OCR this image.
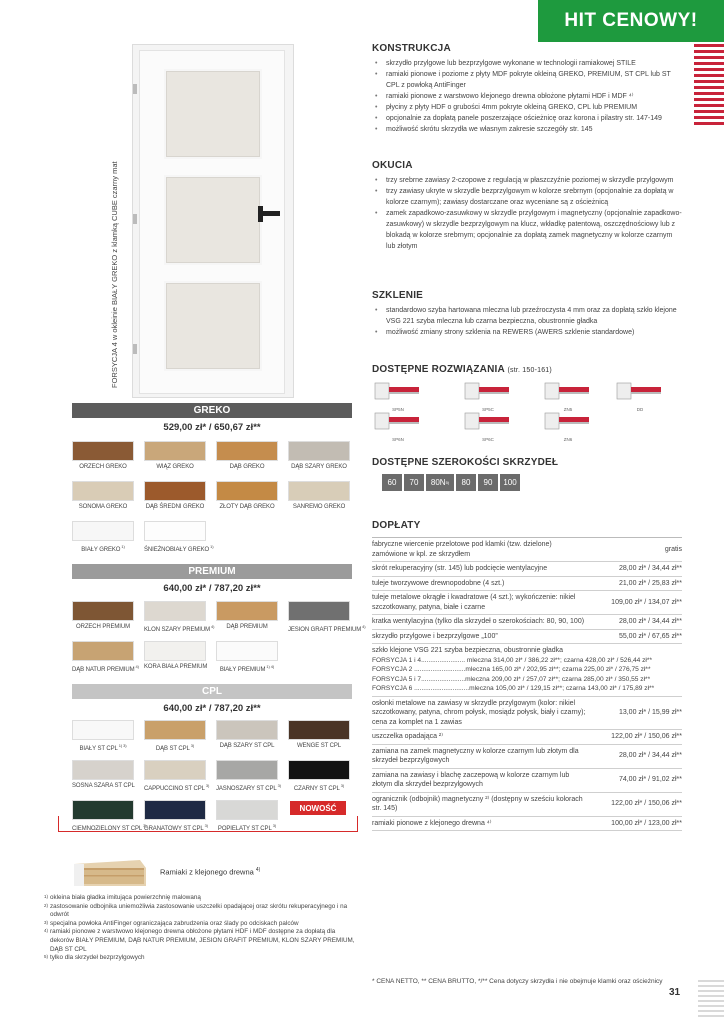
HIT CENOWY!
FORSYCJA 4 w okleinie BIAŁY GREKO z klamką CUBE czarny mat
GREKO
529,00 zł* / 650,67 zł**
ORZECH GREKO	WIĄZ GREKO	DĄB GREKO	DĄB SZARY GREKO
SONOMA GREKO	DĄB ŚREDNI GREKO	ZŁOTY DĄB GREKO	SANREMO GREKO
BIAŁY GREKO $^{1)}$
ŚNIEŻNOBIAŁY GREKO $^{1)}$
PREMIUM
640,00 zł* / 787,20 zł**
ORZECH PREMIUM	KLON SZARY PREMIUM $^{4)}$	DĄB PREMIUM	JESION GRAFIT PREMIUM $^{4)}$
DĄB NATUR PREMIUM $^{4)}$ KORA BIAŁA PREMIUM	BIAŁY PREMIUM $^{1) 4)}$
CPL
640,00 zł* / 787,20 zł**
BIAŁY ST CPL $^{1) 3)}$
DĄB ST CPL $^{3)}$	DĄB SZARY ST CPL	WENGE ST CPL
SOSNA SZARA ST CPL CAPPUCCINO ST CPL $^{3)}$
JASNOSZARY ST CPL $^{3)}$
CZARNY ST CPL $^{3)}$
CIEMNOZIELONY ST CPL $^{3)}$
GRANATOWY ST CPL $^{3)}$
POPIELATY ST CPL $^{3)}$
NOWOŚĆ
Ramiaki z klejonego drewna $^{4)}$
1) okleina biała gładka imitująca powierzchnię malowaną
2) zastosowanie odbojnika uniemożliwia zastosowanie uszczelki opadającej oraz skrótu rekuperacyjnego i na odwrót
3) specjalna powłoka AntiFinger ograniczająca zabrudzenia oraz ślady po odciskach palców
4) ramiaki pionowe z warstwowo klejonego drewna obłożone płytami HDF i MDF dostępne za dopłatą dla dekorów BIAŁY PREMIUM, DĄB NATUR PREMIUM, JESION GRAFIT PREMIUM, KLON SZARY PREMIUM, DĄB ST CPL
5) tylko dla skrzydeł bezprzylgowych
KONSTRUKCJA
• skrzydło przylgowe lub bezprzylgowe wykonane w technologii ramiakowej STILE
• ramiaki pionowe i poziome z płyty MDF pokryte okleiną GREKO, PREMIUM, ST CPL lub ST CPL z powłoką AntiFinger
• ramiaki pionowe z warstwowo klejonego drewna obłożone płytami HDF i MDF ⁴⁾
• płyciny z płyty HDF o grubości 4mm pokryte okleiną GREKO, CPL lub PREMIUM
• opcjonalnie za dopłatą panele poszerzające ościeżnicę oraz korona i pilastry str. 147-149
• możliwość skrótu skrzydła we własnym zakresie szczegóły str. 145
OKUCIA
• trzy srebrne zawiasy 2-czopowe z regulacją w płaszczyźnie poziomej w skrzydle przylgowym
• trzy zawiasy ukryte w skrzydle bezprzylgowym w kolorze srebrnym (opcjonalnie za dopłatą w kolorze czarnym); zawiasy dostarczane oraz wyceniane są z ościeżnicą
• zamek zapadkowo-zasuwkowy w skrzydle przylgowym i magnetyczny (opcjonalnie zapadkowo-zasuwkowy) w skrzydle bezprzylgowym na klucz, wkładkę patentową, oszczędnościowy lub z blokadą w kolorze srebrnym; opcjonalnie za dopłatą zamek magnetyczny w kolorze czarnym lub złotym
SZKLENIE
• standardowo szyba hartowana mleczna lub przeźroczysta 4 mm oraz za dopłatą szkło klejone VSG 221 szyba mleczna lub czarna bezpieczna, obustronnie gładka
• możliwość zmiany strony szklenia na REWERS (AWERS szklenie standardowe)
DOSTĘPNE ROZWIĄZANIA (str. 150-161)
SP5N	SP5C	ZN5	DD
SP6N	SP6C	ZN6
DOSTĘPNE SZEROKOŚCI SKRZYDEŁ
60	70	80N 5)	80	90	100
DOPŁATY
fabryczne wiercenie przelotowe pod klamki (tzw. dzielone) zamówione w kpl. ze skrzydłem	gratis

skrót rekuperacyjny (str. 145) lub podcięcie wentylacyjne	28,00 zł* / 34,44 zł**

tuleje tworzywowe drewnopodobne (4 szt.)	21,00 zł* / 25,83 zł**

tuleje metalowe okrągłe i kwadratowe (4 szt.); wykończenie: nikiel szczotkowany, patyna, białe i czarne	109,00 zł* / 134,07 zł**

kratka wentylacyjna (tylko dla skrzydeł o szerokościach: 80, 90, 100)	28,00 zł* / 34,44 zł**

skrzydło przylgowe i bezprzylgowe „100”	55,00 zł* / 67,65 zł**

szkło klejone VSG 221 szyba bezpieczna, obustronnie gładka
FORSYCJA 1 i 4........................ mleczna 314,00 zł* / 386,22 zł**; czarna 428,00 zł* / 526,44 zł**
FORSYCJA 2 ............................mleczna 165,00 zł* / 202,95 zł**; czarna 225,00 zł* / 276,75 zł**
FORSYCJA 5 i 7........................mleczna 209,00 zł* / 257,07 zł**; czarna 285,00 zł* / 350,55 zł**
FORSYCJA 6 ..............................mleczna 105,00 zł* / 129,15 zł**; czarna 143,00 zł* / 175,89 zł**	

osłonki metalowe na zawiasy w skrzydle przylgowym (kolor: nikiel szczotkowany, patyna, chrom połysk, mosiądz połysk, biały i czarny); cena za komplet na 1 zawias	13,00 zł* / 15,99 zł**

uszczelka opadająca ²⁾	122,00 zł* / 150,06 zł**

zamiana na zamek magnetyczny w kolorze czarnym lub złotym dla skrzydeł bezprzylgowych	28,00 zł* / 34,44 zł**

zamiana na zawiasy i blachę zaczepową w kolorze czarnym lub złotym dla skrzydeł bezprzylgowych	74,00 zł* / 91,02 zł**

ogranicznik (odbojnik) magnetyczny ²⁾ (dostępny w sześciu kolorach str. 145)	122,00 zł* / 150,06 zł**

ramiaki pionowe z klejonego drewna ⁴⁾	100,00 zł* / 123,00 zł**
* CENA NETTO, ** CENA BRUTTO, */** Cena dotyczy skrzydła i nie obejmuje klamki oraz ościeżnicy
31
